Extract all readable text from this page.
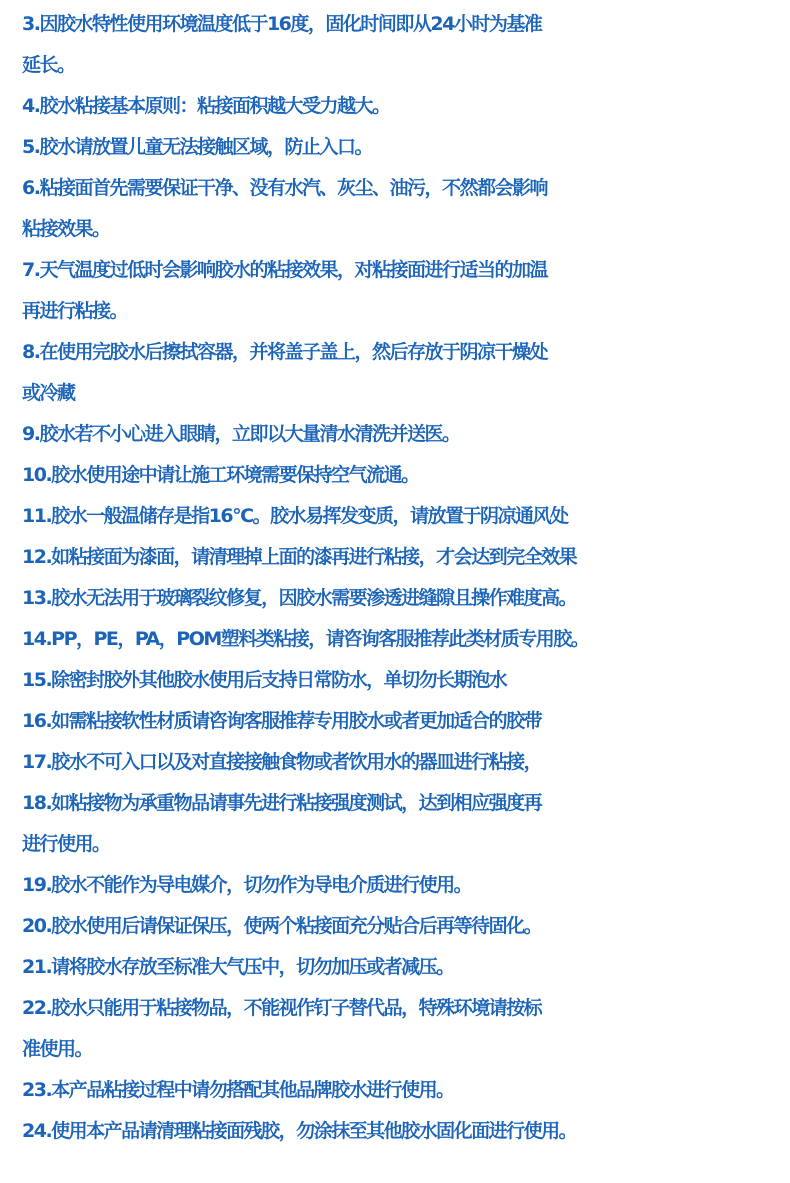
3.因胶水特性使用环境温度低于16度，固化时间即从24小时为基准
延长。
4.胶水粘接基本原则：粘接面积越大受力越大。
5.胶水请放置儿童无法接触区域，防止入口。
6.粘接面首先需要保证干净、没有水汽、灰尘、油污，不然都会影响
粘接效果。
7.天气温度过低时会影响胶水的粘接效果，对粘接面进行适当的加温
再进行粘接。
8.在使用完胶水后擦拭容器，并将盖子盖上，然后存放于阴凉干燥处
或冷藏
9.胶水若不小心进入眼睛，立即以大量清水清洗并送医。
10.胶水使用途中请让施工环境需要保持空气流通。
11.胶水一般温储存是指16°C。胶水易挥发变质，请放置于阴凉通风处
12.如粘接面为漆面，请清理掉上面的漆再进行粘接，才会达到完全效果
13.胶水无法用于玻璃裂纹修复，因胶水需要渗透进缝隙且操作难度高。
14.PP，PE，PA，POM塑料类粘接，请咨询客服推荐此类材质专用胶。
15.除密封胶外其他胶水使用后支持日常防水，单切勿长期泡水
16.如需粘接软性材质请咨询客服推荐专用胶水或者更加适合的胶带
17.胶水不可入口以及对直接接触食物或者饮用水的器皿进行粘接，
18.如粘接物为承重物品请事先进行粘接强度测试，达到相应强度再
进行使用。
19.胶水不能作为导电媒介，切勿作为导电介质进行使用。
20.胶水使用后请保证保压，使两个粘接面充分贴合后再等待固化。
21.请将胶水存放至标准大气压中，切勿加压或者减压。
22.胶水只能用于粘接物品，不能视作钉子替代品，特殊环境请按标
准使用。
23.本产品粘接过程中请勿搭配其他品牌胶水进行使用。
24.使用本产品请清理粘接面残胶，勿涂抹至其他胶水固化面进行使用。
